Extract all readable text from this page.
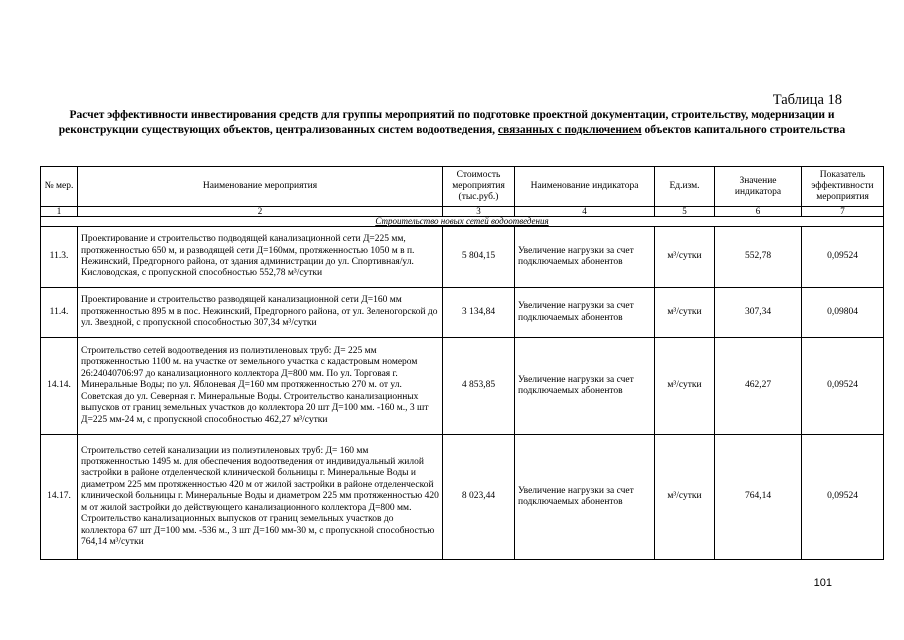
Таблица 18
Расчет эффективности инвестирования средств для группы мероприятий по подготовке проектной документации, строительству, модернизации и реконструкции существующих объектов, централизованных систем водоотведения, связанных с подключением объектов капитального строительства
№ мер.	Наименование мероприятия	Стоимость мероприятия (тыс.руб.)	Наименование индикатора	Ед.изм.	Значение индикатора	Показатель эффективности мероприятия
1	2	3	4	5	6	7
Строительство новых сетей водоотведения						
11.3.	Проектирование и строительство подводящей канализационной сети Д=225 мм, протяженностью 650 м, и разводящей сети Д=160мм, протяженностью 1050 м в п. Нежинский, Предгорного района, от здания администрации до ул. Спортивная/ул. Кисловодская, с пропускной способностью 552,78 м³/сутки	5 804,15	Увеличение нагрузки за счет подключаемых абонентов	м³/сутки	552,78	0,09524
11.4.	Проектирование и строительство разводящей канализационной сети Д=160 мм протяженностью 895 м в пос. Нежинский, Предгорного района, от ул. Зеленогорской до ул. Звездной, с пропускной способностью 307,34 м³/сутки	3 134,84	Увеличение нагрузки за счет подключаемых абонентов	м³/сутки	307,34	0,09804
14.14.	Строительство сетей водоотведения из полиэтиленовых труб: Д= 225 мм протяженностью 1100 м. на участке от земельного участка с кадастровым номером 26:24040706:97 до канализационного коллектора Д=800 мм. По ул. Торговая г. Минеральные Воды; по ул. Яблоневая Д=160 мм протяженностью 270 м. от ул. Советская до ул. Северная г. Минеральные Воды. Строительство канализационных выпусков от границ земельных участков до коллектора 20 шт Д=100 мм. -160 м., 3 шт Д=225 мм-24 м, с пропускной способностью 462,27 м³/сутки	4 853,85	Увеличение нагрузки за счет подключаемых абонентов	м³/сутки	462,27	0,09524
14.17.	Строительство сетей канализации из полиэтиленовых труб: Д= 160 мм протяженностью 1495 м. для обеспечения водоотведения от индивидуальный жилой застройки в районе отделенческой клинической больницы г. Минеральные Воды и диаметром 225 мм протяженностью 420 м от жилой застройки в районе отделенческой клинической больницы г. Минеральные Воды и диаметром 225 мм протяженностью 420 м от жилой застройки до действующего канализационного коллектора Д=800 мм. Строительство канализационных выпусков от границ земельных участков до коллектора 67 шт Д=100 мм. -536 м., 3 шт Д=160 мм-30 м, с пропускной способностью 764,14 м³/сутки	8 023,44	Увеличение нагрузки за счет подключаемых абонентов	м³/сутки	764,14	0,09524
101
